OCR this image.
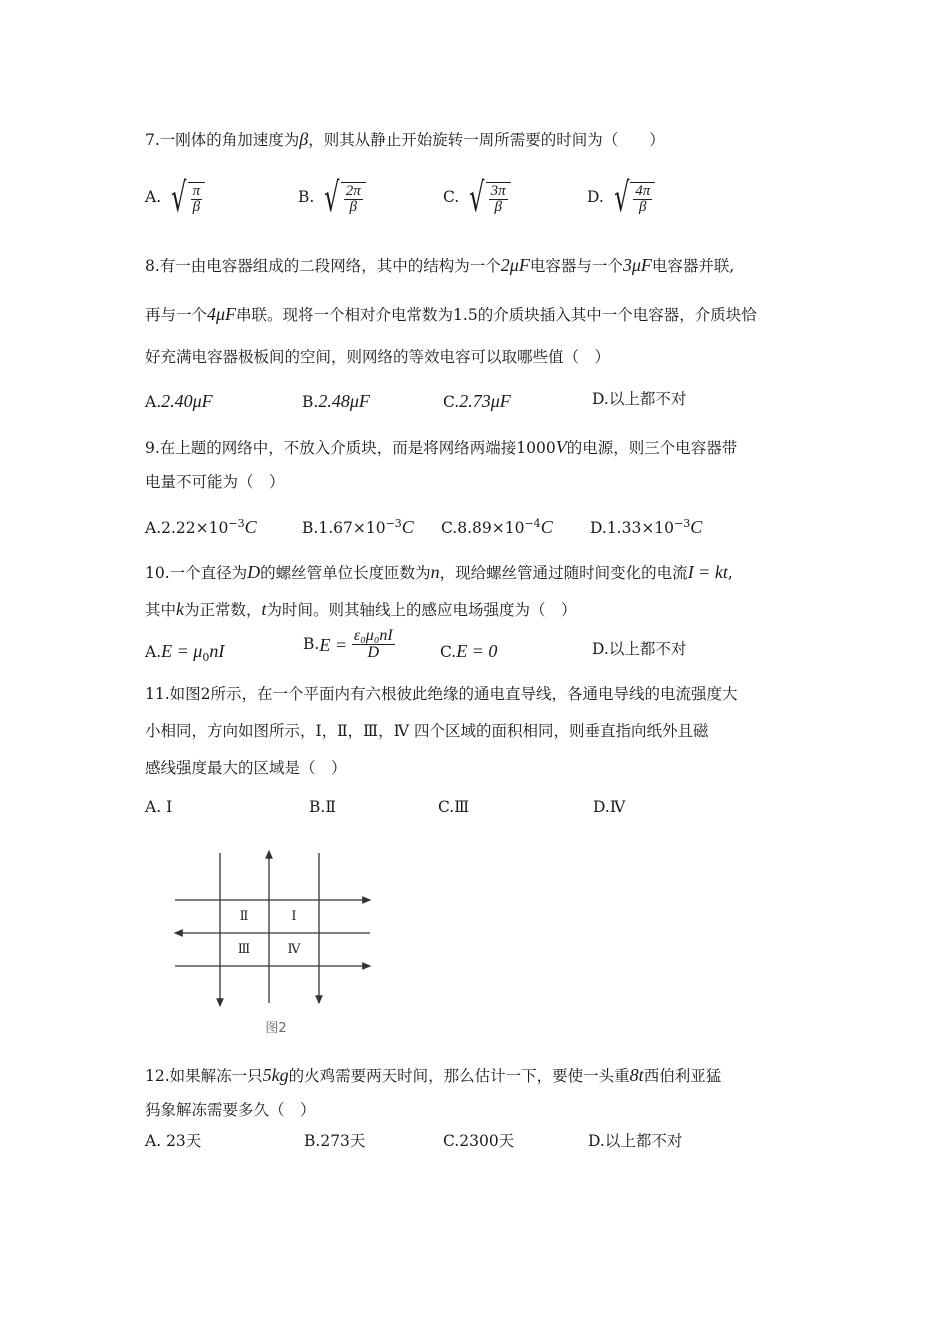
7.一刚体的角加速度为β，则其从静止开始旋转一周所需要的时间为（　　）
A. √ $\frac{\pi}{\beta}$	B. √ $\frac{2\pi}{\beta}$	C. √ $\frac{3\pi}{\beta}$	D. √ $\frac{4\pi}{\beta}$
8.有一由电容器组成的二段网络，其中的结构为一个2μF电容器与一个3μF电容器并联,
再与一个4μF串联。现将一个相对介电常数为1.5的介质块插入其中一个电容器，介质块恰
好充满电容器极板间的空间，则网络的等效电容可以取哪些值（　）
A.2.40μF	B.2.48μF	C.2.73μF	D.以上都不对
9.在上题的网络中，不放入介质块，而是将网络两端接1000V的电源，则三个电容器带
电量不可能为（　）
$A.2.22\times 10^{-3}C$	$B.1.67\times 10^{-3}C$ $C.8.89\times 10^{-4}C$ $D.1.33\times 10^{-3}C$
10.一个直径为D的螺丝管单位长度匝数为n，现给螺丝管通过随时间变化的电流I = kt,
其中k为正常数，t为时间。则其轴线上的感应电场强度为（　）
$A.E = \mu_0nI$	B. E =
$\frac{\text{ε₀μ₀nI}}{D}$	C.E = 0	D.以上都不对
11.如图2所示，在一个平面内有六根彼此绝缘的通电直导线，各通电导线的电流强度大
小相同，方向如图所示，Ⅰ，Ⅱ，Ⅲ，Ⅳ 四个区域的面积相同，则垂直指向纸外且磁
感线强度最大的区域是（　）
A. Ⅰ	B.Ⅱ	C.Ⅲ	D.Ⅳ
Ⅱ	Ⅰ
Ⅲ	Ⅳ
图2
12.如果解冻一只5kg的火鸡需要两天时间，那么估计一下，要使一头重8t西伯利亚猛
犸象解冻需要多久（　）
A. 23天	B.273天	C.2300天	D.以上都不对
